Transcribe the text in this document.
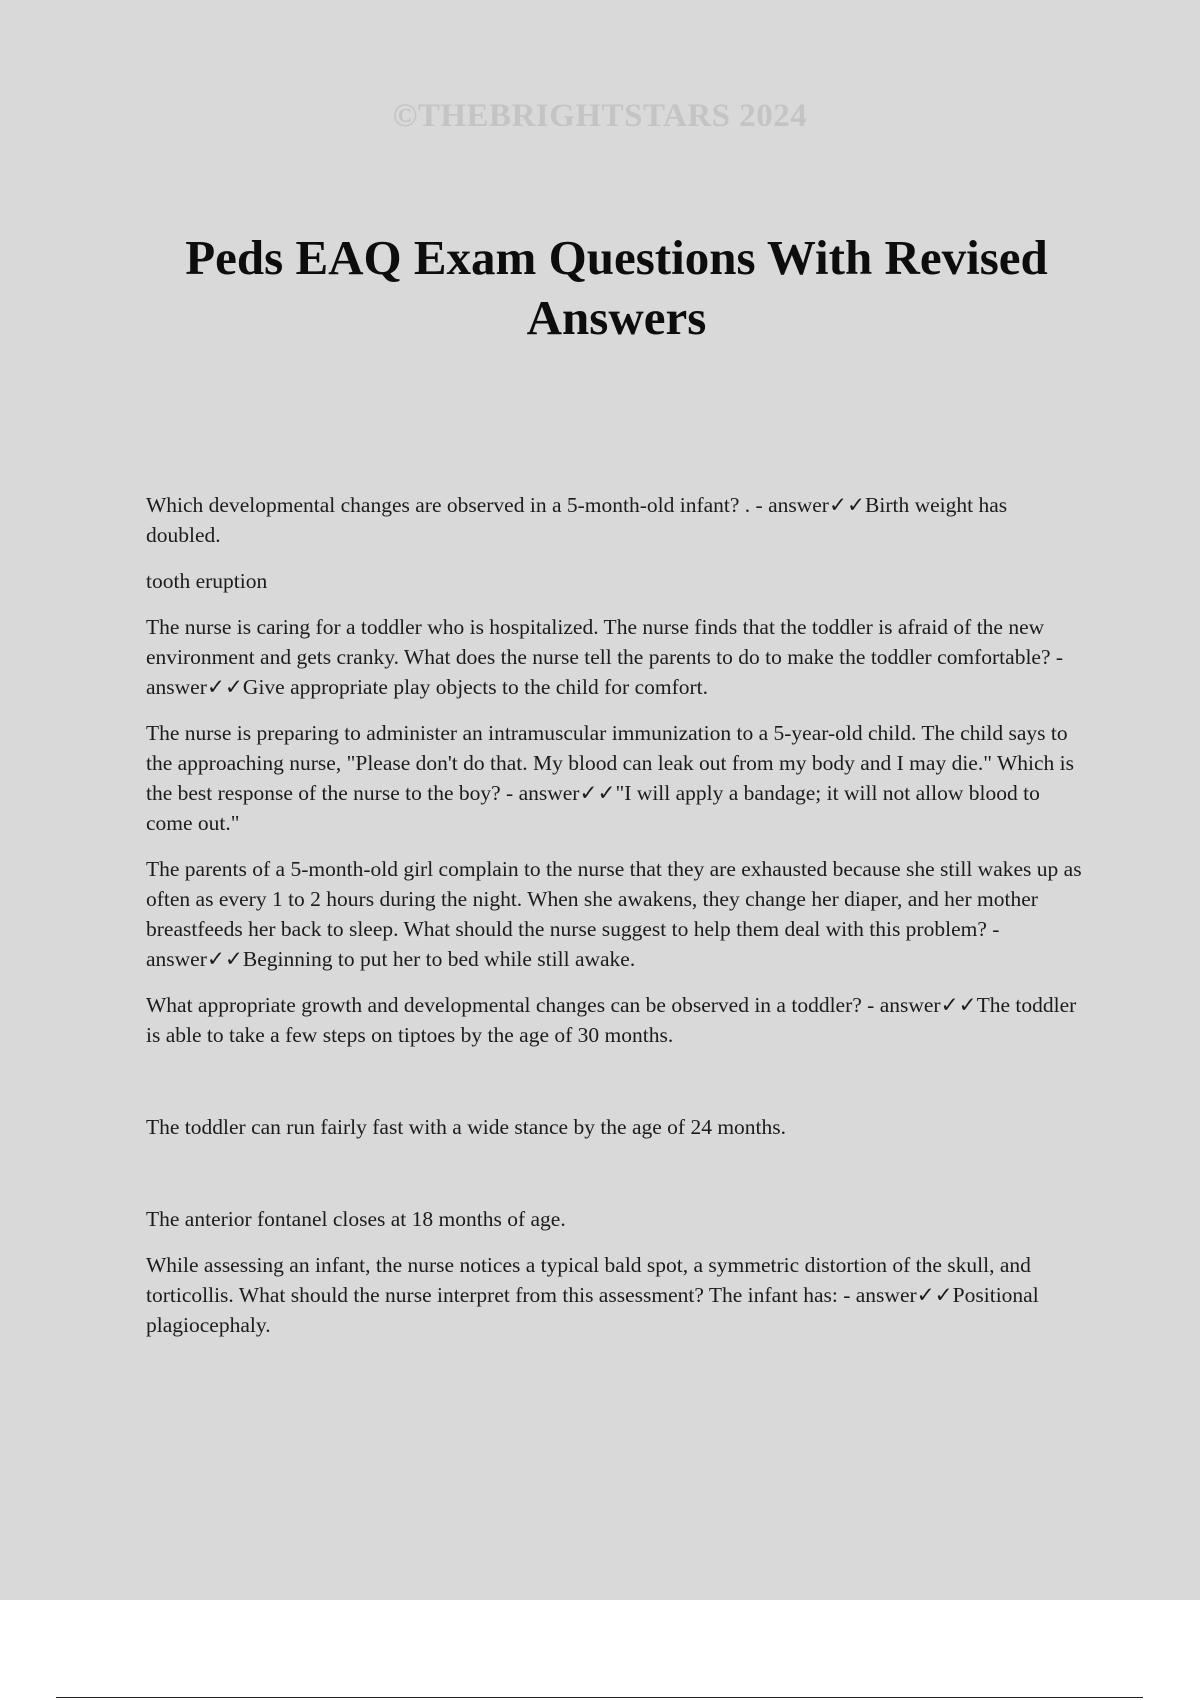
©THEBRIGHTSTARS 2024
Peds EAQ Exam Questions With Revised Answers

Which developmental changes are observed in a 5-month-old infant? . - answer✓✓Birth weight has doubled.

tooth eruption

The nurse is caring for a toddler who is hospitalized. The nurse finds that the toddler is afraid of the new environment and gets cranky. What does the nurse tell the parents to do to make the toddler comfortable? - answer✓✓Give appropriate play objects to the child for comfort.

The nurse is preparing to administer an intramuscular immunization to a 5-year-old child. The child says to the approaching nurse, "Please don't do that. My blood can leak out from my body and I may die." Which is the best response of the nurse to the boy? - answer✓✓"I will apply a bandage; it will not allow blood to come out."

The parents of a 5-month-old girl complain to the nurse that they are exhausted because she still wakes up as often as every 1 to 2 hours during the night. When she awakens, they change her diaper, and her mother breastfeeds her back to sleep. What should the nurse suggest to help them deal with this problem? - answer✓✓Beginning to put her to bed while still awake.

What appropriate growth and developmental changes can be observed in a toddler? - answer✓✓The toddler is able to take a few steps on tiptoes by the age of 30 months.

The toddler can run fairly fast with a wide stance by the age of 24 months.

The anterior fontanel closes at 18 months of age.

While assessing an infant, the nurse notices a typical bald spot, a symmetric distortion of the skull, and torticollis. What should the nurse interpret from this assessment? The infant has: - answer✓✓Positional plagiocephaly.
